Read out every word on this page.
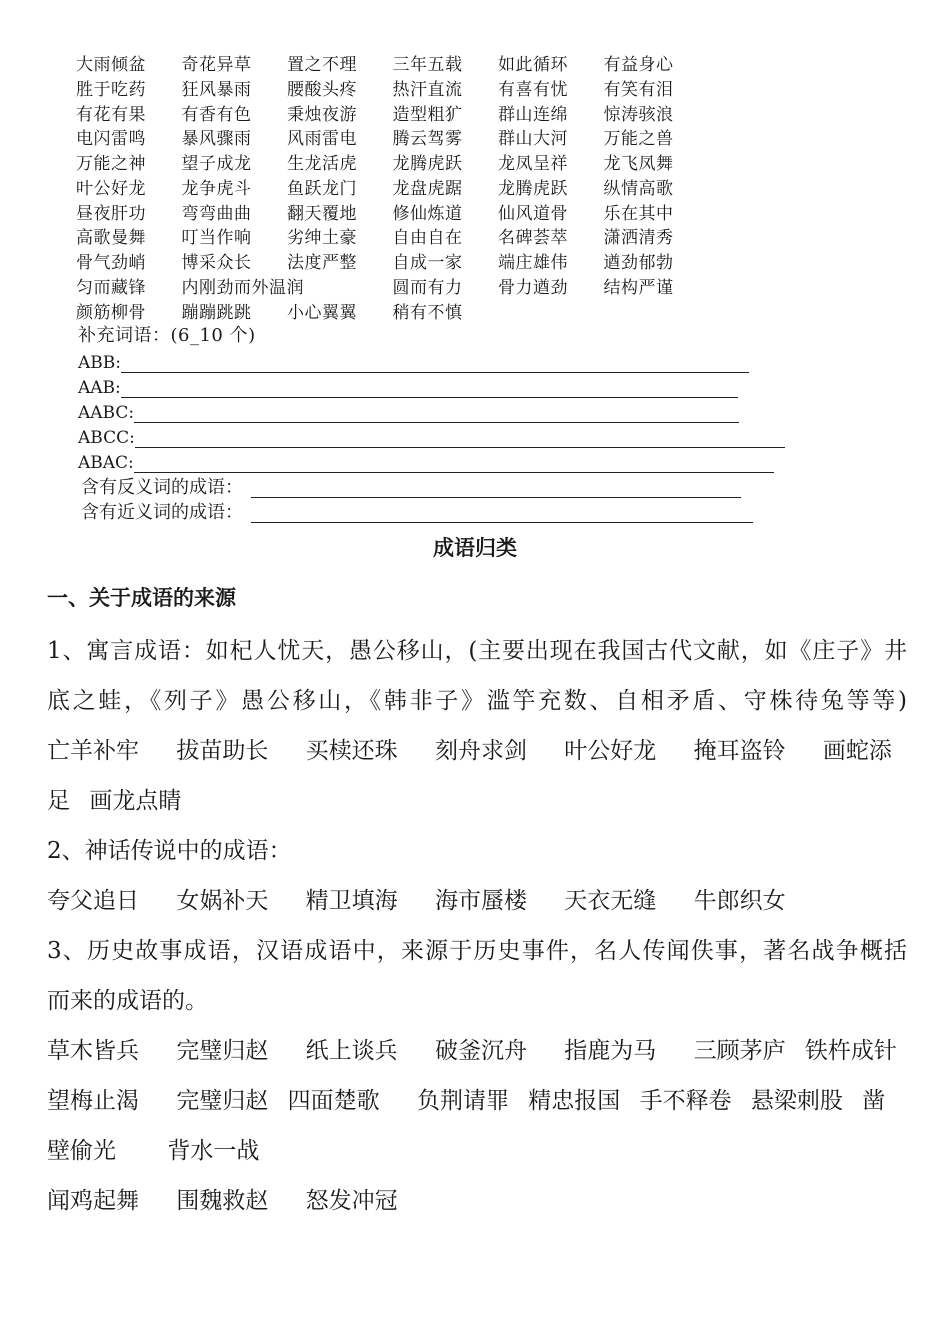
大雨倾盆	奇花异草	置之不理	三年五载	如此循环	有益身心
胜于吃药	狂风暴雨	腰酸头疼	热汗直流	有喜有忧	有笑有泪
有花有果	有香有色	秉烛夜游	造型粗犷	群山连绵	惊涛骇浪
电闪雷鸣	暴风骤雨	风雨雷电	腾云驾雾	群山大河	万能之兽
万能之神	望子成龙	生龙活虎	龙腾虎跃	龙凤呈祥	龙飞凤舞
叶公好龙	龙争虎斗	鱼跃龙门	龙盘虎踞	龙腾虎跃	纵情高歌
昼夜肝功	弯弯曲曲	翻天覆地	修仙炼道	仙风道骨	乐在其中
高歌曼舞	叮当作响	劣绅土豪	自由自在	名碑荟萃	潇洒清秀
骨气劲峭	博采众长	法度严整	自成一家	端庄雄伟	遒劲郁勃
匀而藏锋	内刚劲而外温润	圆而有力	骨力遒劲	结构严谨
颜筋柳骨	蹦蹦跳跳	小心翼翼	稍有不慎
补充词语：(6_10 个)
ABB:
AAB:
AABC:
ABCC:
ABAC:
含有反义词的成语：
含有近义词的成语：
成语归类
一、关于成语的来源
1、寓言成语：如杞人忧天，愚公移山，(主要出现在我国古代文献，如《庄子》井
底之蛙，《列子》愚公移山，《韩非子》滥竽充数、自相矛盾、守株待兔等等)
亡羊补牢 拔苗助长 买椟还珠 刻舟求剑 叶公好龙 掩耳盗铃 画蛇添
足 画龙点睛
2、神话传说中的成语：
夸父追日 女娲补天 精卫填海 海市蜃楼 天衣无缝 牛郎织女
3、历史故事成语，汉语成语中，来源于历史事件，名人传闻佚事，著名战争概括
而来的成语的。
草木皆兵 完璧归赵 纸上谈兵 破釜沉舟 指鹿为马 三顾茅庐 铁杵成针
望梅止渴 完璧归赵 四面楚歌 负荆请罪 精忠报国 手不释卷 悬梁刺股 凿
壁偷光 背水一战
闻鸡起舞 围魏救赵 怒发冲冠
